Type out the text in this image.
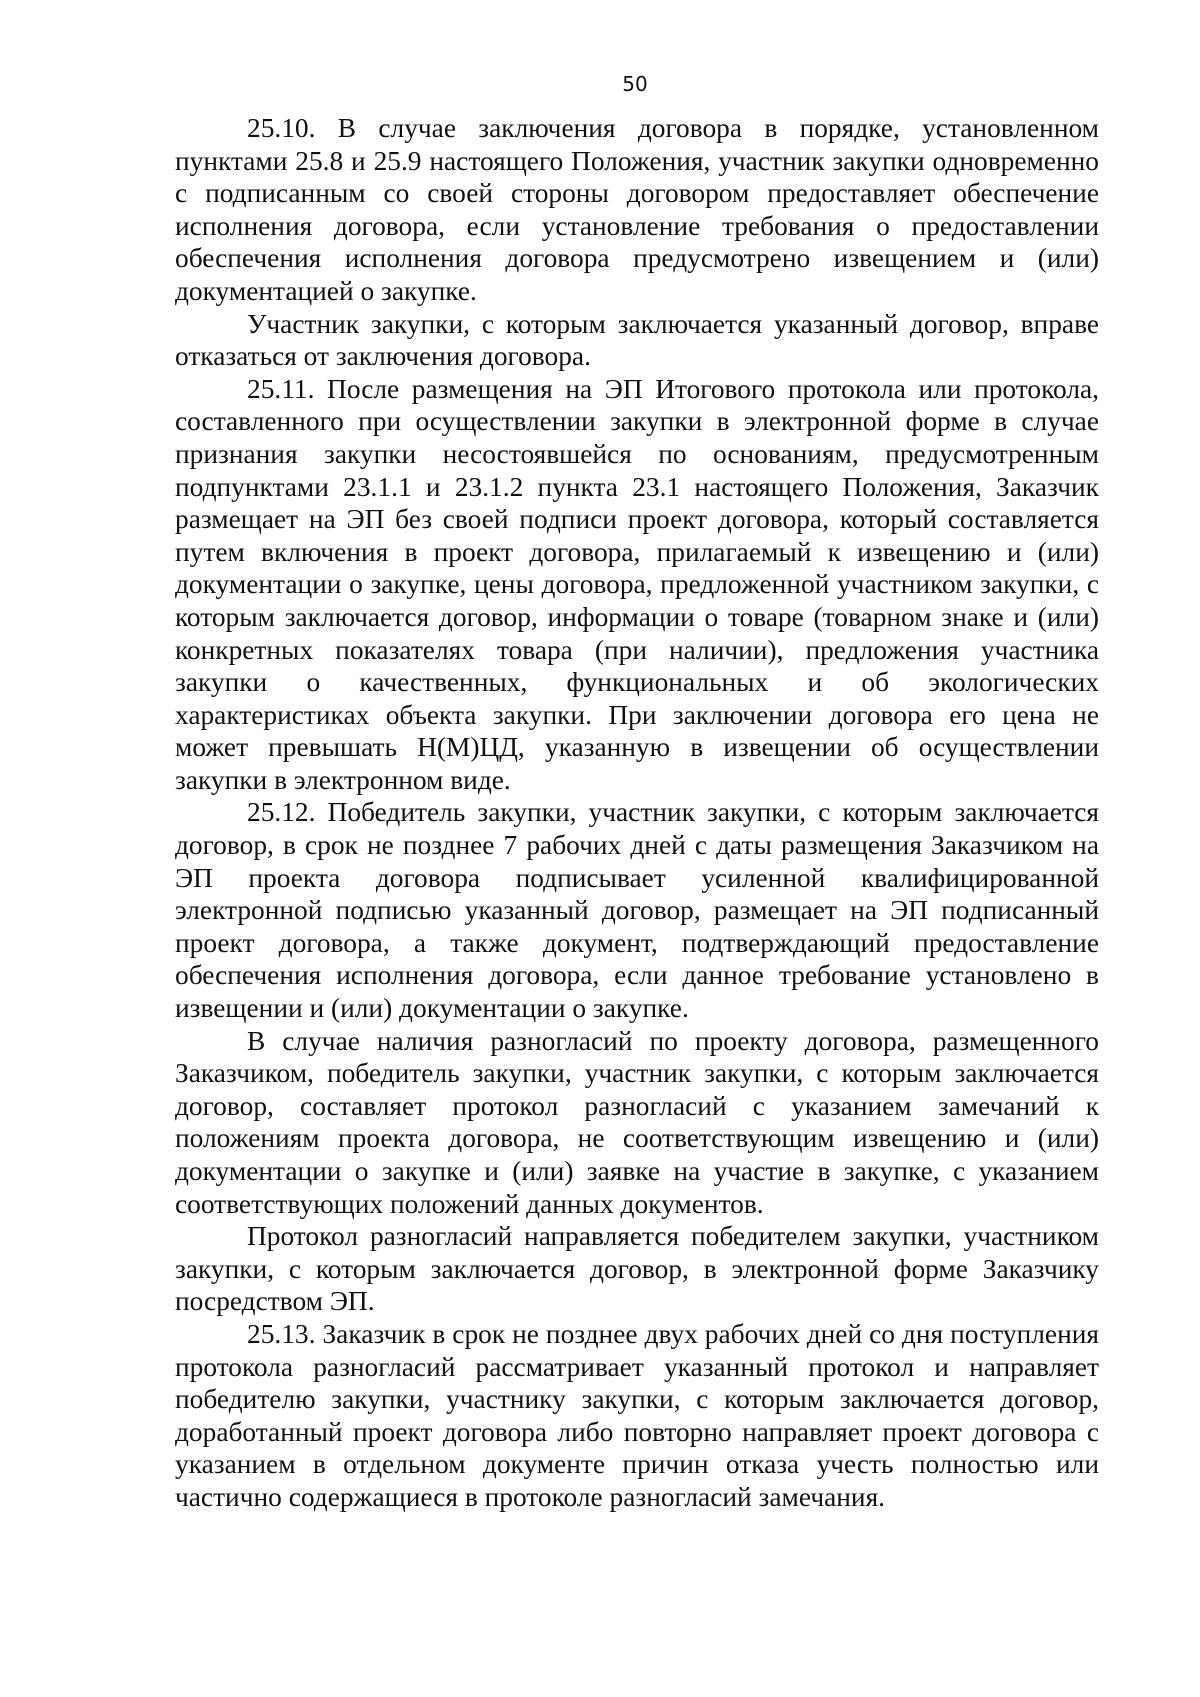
50

25.10. В случае заключения договора в порядке, установленном пунктами 25.8 и 25.9 настоящего Положения, участник закупки одновременно с подписанным со своей стороны договором предоставляет обеспечение исполнения договора, если установление требования о предоставлении обеспечения исполнения договора предусмотрено извещением и (или) документацией о закупке.

Участник закупки, с которым заключается указанный договор, вправе отказаться от заключения договора.

25.11. После размещения на ЭП Итогового протокола или протокола, составленного при осуществлении закупки в электронной форме в случае признания закупки несостоявшейся по основаниям, предусмотренным подпунктами 23.1.1 и 23.1.2 пункта 23.1 настоящего Положения, Заказчик размещает на ЭП без своей подписи проект договора, который составляется путем включения в проект договора, прилагаемый к извещению и (или) документации о закупке, цены договора, предложенной участником закупки, с которым заключается договор, информации о товаре (товарном знаке и (или) конкретных показателях товара (при наличии), предложения участника закупки о качественных, функциональных и об экологических характеристиках объекта закупки. При заключении договора его цена не может превышать Н(М)ЦД, указанную в извещении об осуществлении закупки в электронном виде.

25.12. Победитель закупки, участник закупки, с которым заключается договор, в срок не позднее 7 рабочих дней с даты размещения Заказчиком на ЭП проекта договора подписывает усиленной квалифицированной электронной подписью указанный договор, размещает на ЭП подписанный проект договора, а также документ, подтверждающий предоставление обеспечения исполнения договора, если данное требование установлено в извещении и (или) документации о закупке.

В случае наличия разногласий по проекту договора, размещенного Заказчиком, победитель закупки, участник закупки, с которым заключается договор, составляет протокол разногласий с указанием замечаний к положениям проекта договора, не соответствующим извещению и (или) документации о закупке и (или) заявке на участие в закупке, с указанием соответствующих положений данных документов.

Протокол разногласий направляется победителем закупки, участником закупки, с которым заключается договор, в электронной форме Заказчику посредством ЭП.

25.13. Заказчик в срок не позднее двух рабочих дней со дня поступления протокола разногласий рассматривает указанный протокол и направляет победителю закупки, участнику закупки, с которым заключается договор, доработанный проект договора либо повторно направляет проект договора с указанием в отдельном документе причин отказа учесть полностью или частично содержащиеся в протоколе разногласий замечания.
